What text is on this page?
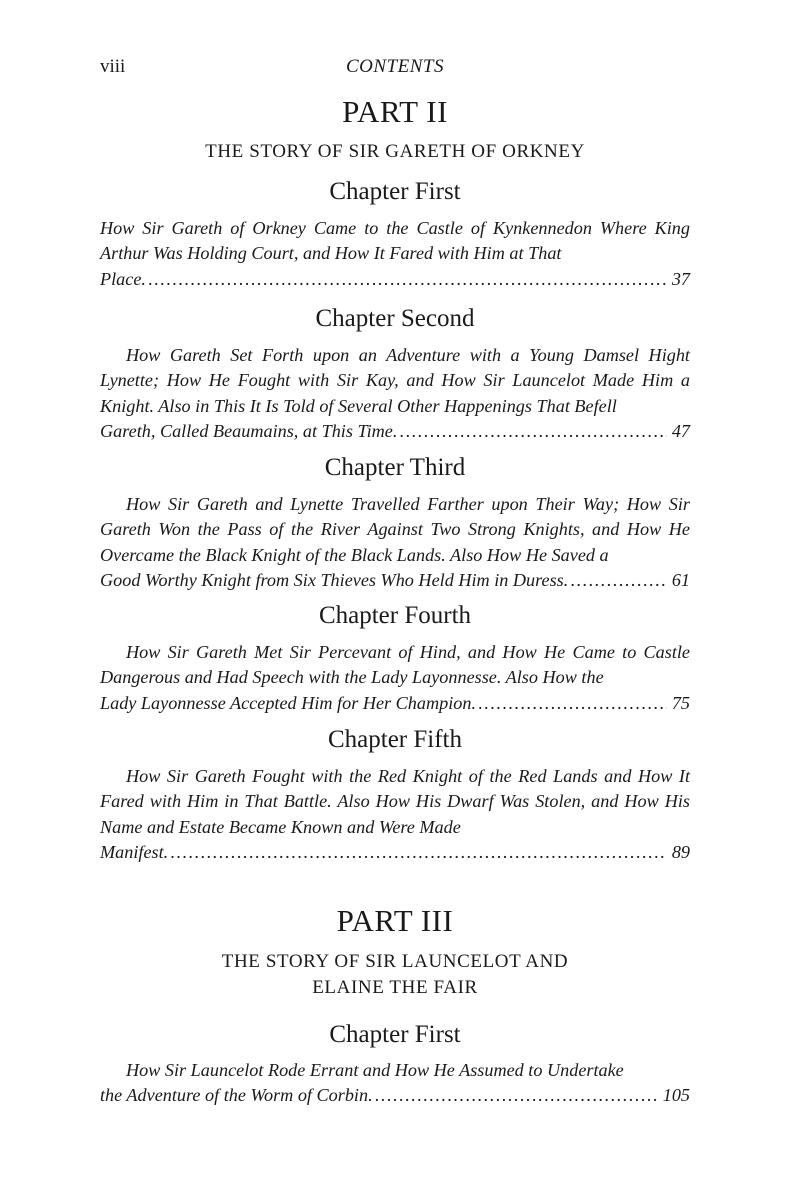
viii	CONTENTS
PART II
THE STORY OF SIR GARETH OF ORKNEY
Chapter First
How Sir Gareth of Orkney Came to the Castle of Kynkennedon Where King Arthur Was Holding Court, and How It Fared with Him at That
Place. .....	37
Chapter Second
How Gareth Set Forth upon an Adventure with a Young Damsel Hight Lynette; How He Fought with Sir Kay, and How Sir Launcelot Made Him a Knight. Also in This It Is Told of Several Other Happenings That Befell
Gareth, Called Beaumains, at This Time. .....	47
Chapter Third
How Sir Gareth and Lynette Travelled Farther upon Their Way; How Sir Gareth Won the Pass of the River Against Two Strong Knights, and How He Overcame the Black Knight of the Black Lands. Also How He Saved a
Good Worthy Knight from Six Thieves Who Held Him in Duress. .....	61
Chapter Fourth
How Sir Gareth Met Sir Percevant of Hind, and How He Came to Castle Dangerous and Had Speech with the Lady Layonnesse. Also How the
Lady Layonnesse Accepted Him for Her Champion. .....	75
Chapter Fifth
How Sir Gareth Fought with the Red Knight of the Red Lands and How It Fared with Him in That Battle. Also How His Dwarf Was Stolen, and How His Name and Estate Became Known and Were Made
Manifest. .....	89
PART III
THE STORY OF SIR LAUNCELOT AND
ELAINE THE FAIR
Chapter First
How Sir Launcelot Rode Errant and How He Assumed to Undertake
the Adventure of the Worm of Corbin. .....	105
